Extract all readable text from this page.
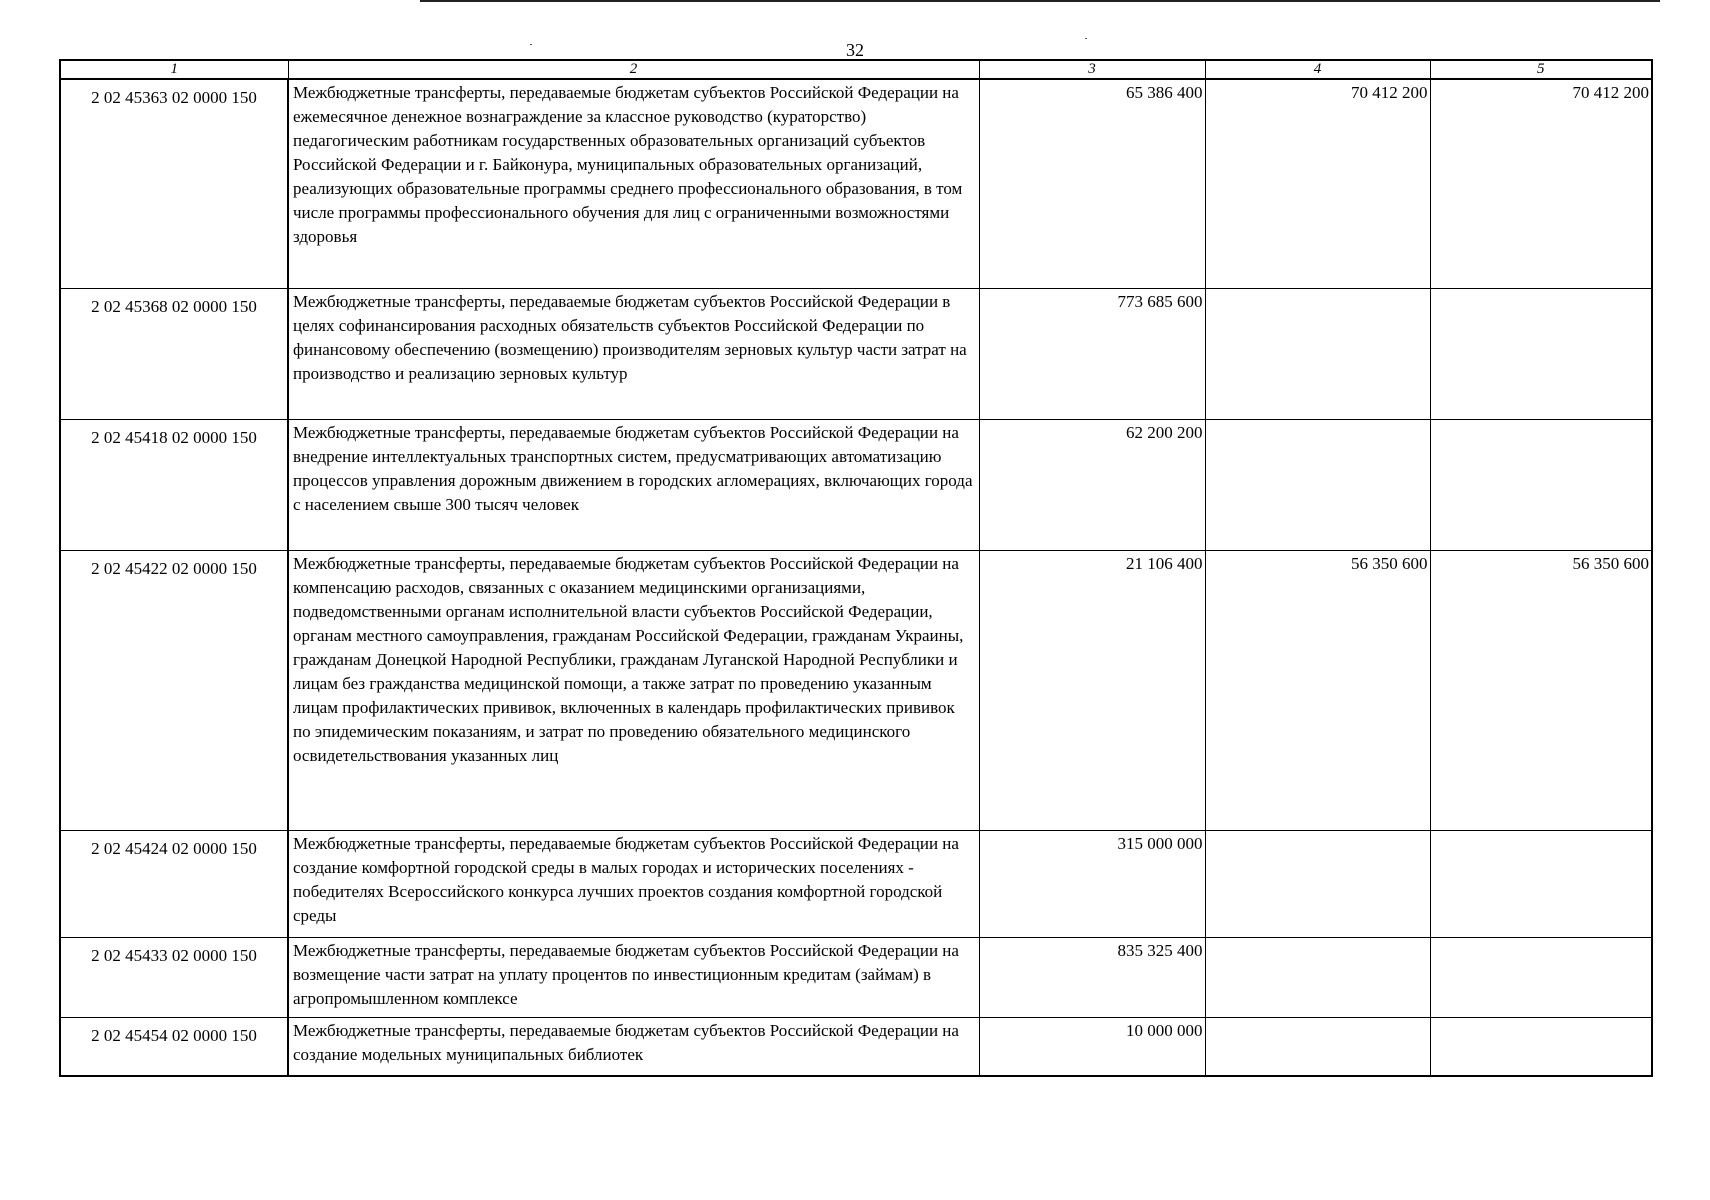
32
1	2	3	4	5
2 02 45363 02 0000 150	Межбюджетные трансферты, передаваемые бюджетам субъектов Российской Федерации на ежемесячное денежное вознаграждение за классное руководство (кураторство) педагогическим работникам государственных образовательных организаций субъектов Российской Федерации и г. Байконура, муниципальных образовательных организаций, реализующих образовательные программы среднего профессионального образования, в том числе программы профессионального обучения для лиц с ограниченными возможностями здоровья	65 386 400	70 412 200	70 412 200
2 02 45368 02 0000 150	Межбюджетные трансферты, передаваемые бюджетам субъектов Российской Федерации в целях софинансирования расходных обязательств субъектов Российской Федерации по финансовому обеспечению (возмещению) производителям зерновых культур части затрат на производство и реализацию зерновых культур	773 685 600		
2 02 45418 02 0000 150	Межбюджетные трансферты, передаваемые бюджетам субъектов Российской Федерации на внедрение интеллектуальных транспортных систем, предусматривающих автоматизацию процессов управления дорожным движением в городских агломерациях, включающих города с населением свыше 300 тысяч человек	62 200 200		
2 02 45422 02 0000 150	Межбюджетные трансферты, передаваемые бюджетам субъектов Российской Федерации на компенсацию расходов, связанных с оказанием медицинскими организациями, подведомственными органам исполнительной власти субъектов Российской Федерации, органам местного самоуправления, гражданам Российской Федерации, гражданам Украины, гражданам Донецкой Народной Республики, гражданам Луганской Народной Республики и лицам без гражданства медицинской помощи, а также затрат по проведению указанным лицам профилактических прививок, включенных в календарь профилактических прививок по эпидемическим показаниям, и затрат по проведению обязательного медицинского освидетельствования указанных лиц	21 106 400	56 350 600	56 350 600
2 02 45424 02 0000 150	Межбюджетные трансферты, передаваемые бюджетам субъектов Российской Федерации на создание комфортной городской среды в малых городах и исторических поселениях - победителях Всероссийского конкурса лучших проектов создания комфортной городской среды	315 000 000		
2 02 45433 02 0000 150	Межбюджетные трансферты, передаваемые бюджетам субъектов Российской Федерации на возмещение части затрат на уплату процентов по инвестиционным кредитам (займам) в агропромышленном комплексе	835 325 400		
2 02 45454 02 0000 150	Межбюджетные трансферты, передаваемые бюджетам субъектов Российской Федерации на создание модельных муниципальных библиотек	10 000 000		
